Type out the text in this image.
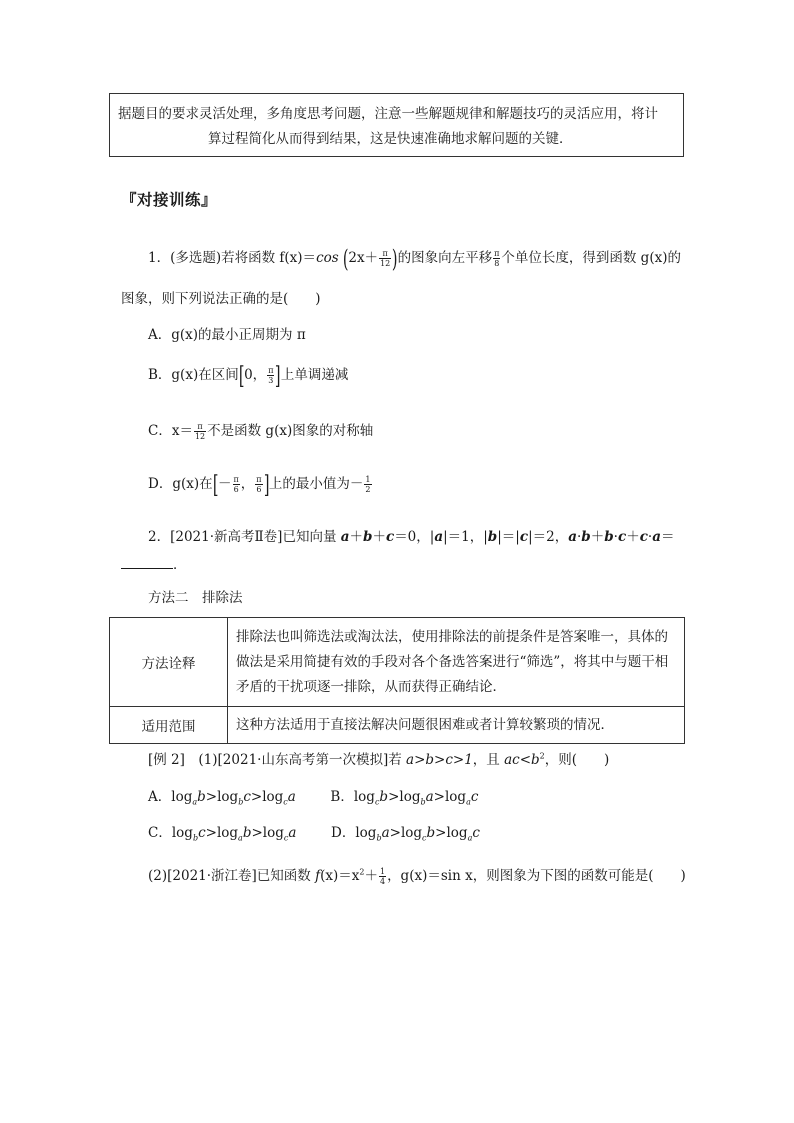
据题目的要求灵活处理，多角度思考问题，注意一些解题规律和解题技巧的灵活应用，将计
算过程简化从而得到结果，这是快速准确地求解问题的关键．
『对接训练』
1．(多选题)若将函数 f(x)＝cos ($2x+ \frac{\pi}{12}$ )的图象向左平移 $\frac{\pi}{8}$ 个单位长度，得到函数 g(x)的
图象，则下列说法正确的是(　　)
A．g(x)的最小正周期为 π
B．g(x)在区间[0， $\frac{\pi}{3}$ ]上单调递减
C．$x= \frac{\pi}{12}$ 不是函数 g(x)图象的对称轴
D．g(x)在[－ $\frac{\pi}{6}$ ， $\frac{\pi}{6}$ ]上的最小值为－ $\frac{1}{2}$
2．[2021·新高考Ⅱ卷]已知向量 a＋b＋c＝0，|a|＝1，|b|＝|c|＝2，a·b＋b·c＋c·a＝
．
方法二　排除法
方法诠释	排除法也叫筛选法或淘汰法，使用排除法的前提条件是答案唯一，具体的
做法是采用简捷有效的手段对各个备选答案进行“筛选”，将其中与题干相
矛盾的干扰项逐一排除，从而获得正确结论．

适用范围	这种方法适用于直接法解决问题很困难或者计算较繁琐的情况．
[例 2]　(1)[2021·山东高考第一次模拟]若 a>b>c>1，且 $ac<b^2$，则(　　)
A．$\log_ab>\log_bc>\log_ca$	B．$\log_cb>\log_ba>\log_ac$
C．$\log_bc>\log_ab>\log_ca$	D．$\log_ba>\log_cb>\log_ac$
(2)[2021·浙江卷]已知函数 $f(x)=x^2+ \frac{1}{4}$ ，g(x)＝sin x，则图象为下图的函数可能是(　　)
